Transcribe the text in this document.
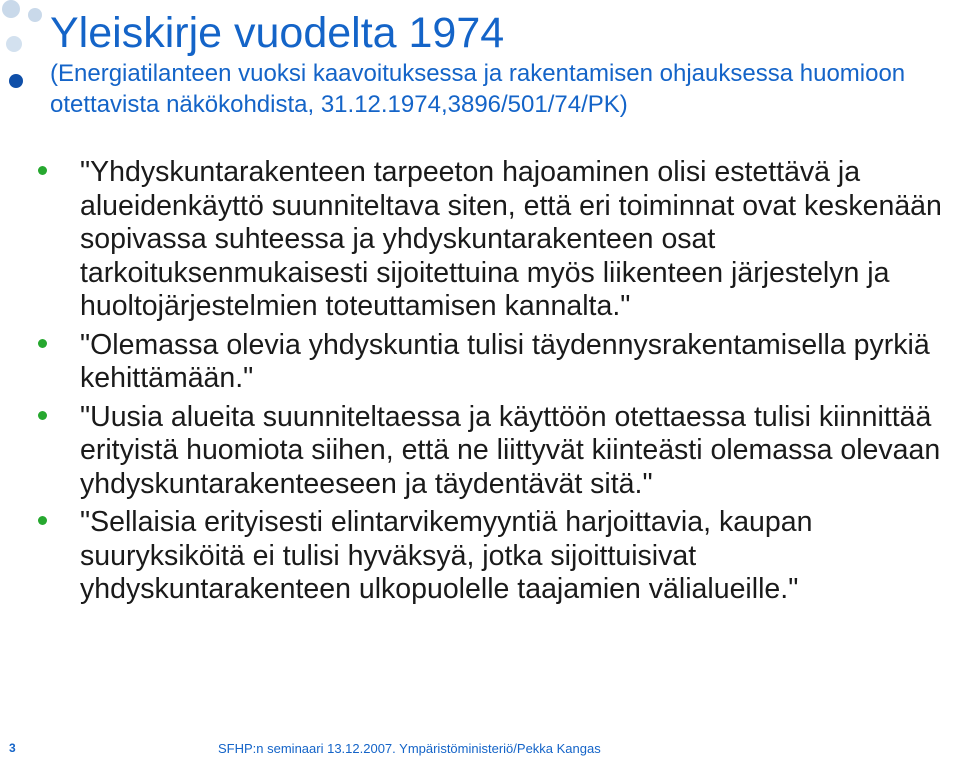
Yleiskirje vuodelta 1974
(Energiatilanteen vuoksi kaavoituksessa ja rakentamisen ohjauksessa huomioon otettavista näkökohdista, 31.12.1974,3896/501/74/PK)
"Yhdyskuntarakenteen tarpeeton hajoaminen olisi estettävä ja alueidenkäyttö suunniteltava siten, että eri toiminnat ovat keskenään sopivassa suhteessa ja yhdyskuntarakenteen osat tarkoituksenmukaisesti sijoitettuina myös liikenteen järjestelyn ja huoltojärjestelmien toteuttamisen kannalta."
"Olemassa olevia yhdyskuntia tulisi täydennysrakentamisella pyrkiä kehittämään."
"Uusia alueita suunniteltaessa ja käyttöön otettaessa tulisi kiinnittää erityistä huomiota siihen, että ne liittyvät kiinteästi olemassa olevaan yhdyskuntarakenteeseen ja täydentävät sitä."
"Sellaisia erityisesti elintarvikemyyntiä harjoittavia, kaupan suuryksiköitä ei tulisi hyväksyä, jotka sijoittuisivat yhdyskuntarakenteen ulkopuolelle taajamien välialueille."
3	SFHP:n seminaari 13.12.2007. Ympäristöministeriö/Pekka Kangas
